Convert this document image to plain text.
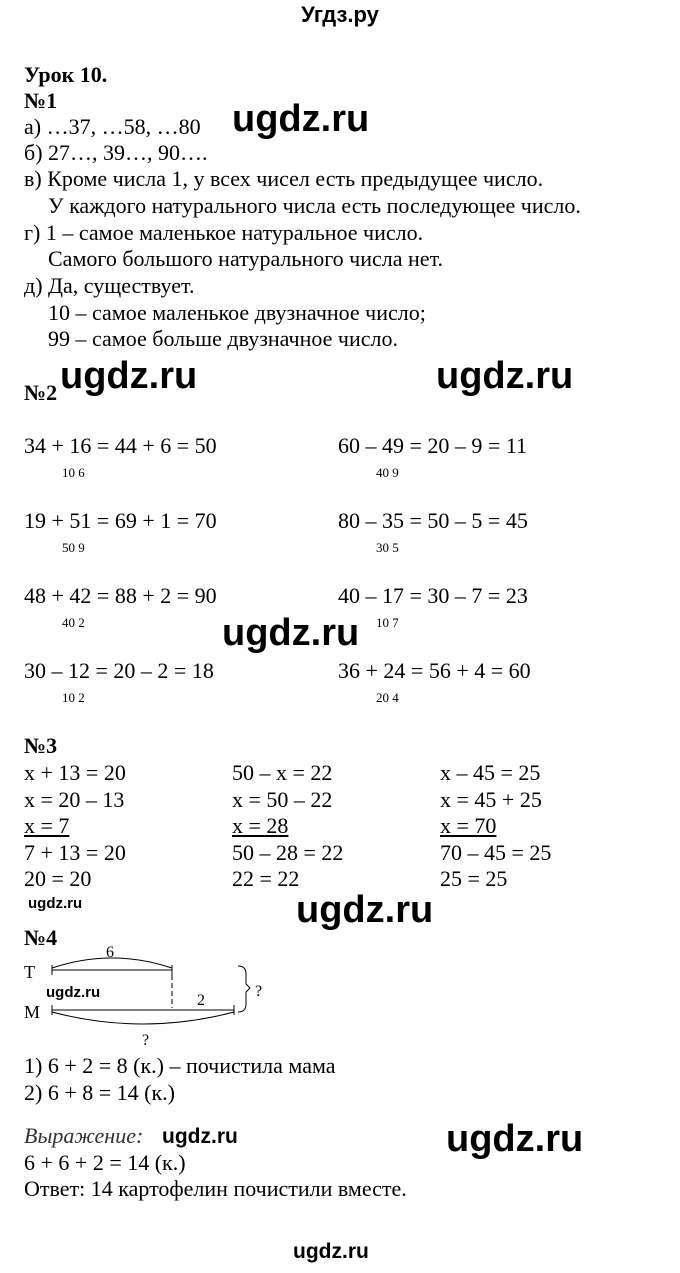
Угдз.ру
Урок 10.
№1
а) …37, …58, …80
б) 27…, 39…, 90….
в) Кроме числа 1, у всех чисел есть предыдущее число.
У каждого натурального числа есть последующее число.
г) 1 – самое маленькое натуральное число.
Самого большого натурального числа нет.
д) Да, существует.
10 – самое маленькое двузначное число;
99 – самое больше двузначное число.
№2
34 + 16 = 44 + 6 = 50
10 6
19 + 51 = 69 + 1 = 70
50 9
48 + 42 = 88 + 2 = 90
40 2
30 – 12 = 20 – 2 = 18
10 2
60 – 49 = 20 – 9 = 11
40 9
80 – 35 = 50 – 5 = 45
30 5
40 – 17 = 30 – 7 = 23
10 7
36 + 24 = 56 + 4 = 60
20 4
№3
x + 13 = 20
x = 20 – 13
x = 7
7 + 13 = 20
20 = 20
50 – x = 22
x = 50 – 22
x = 28
50 – 28 = 22
22 = 22
x – 45 = 25
x = 45 + 25
x = 70
70 – 45 = 25
25 = 25
№4
Т
М
6
2
?
?
1) 6 + 2 = 8 (к.) – почистила мама
2) 6 + 8 = 14 (к.)
Выражение:
6 + 6 + 2 = 14 (к.)
Ответ: 14 картофелин почистили вместе.
ugdz.ru
ugdz.ru	ugdz.ru
ugdz.ru
ugdz.ru
ugdz.ru
ugdz.ru
ugdz.ru
ugdz.ru
ugdz.ru
